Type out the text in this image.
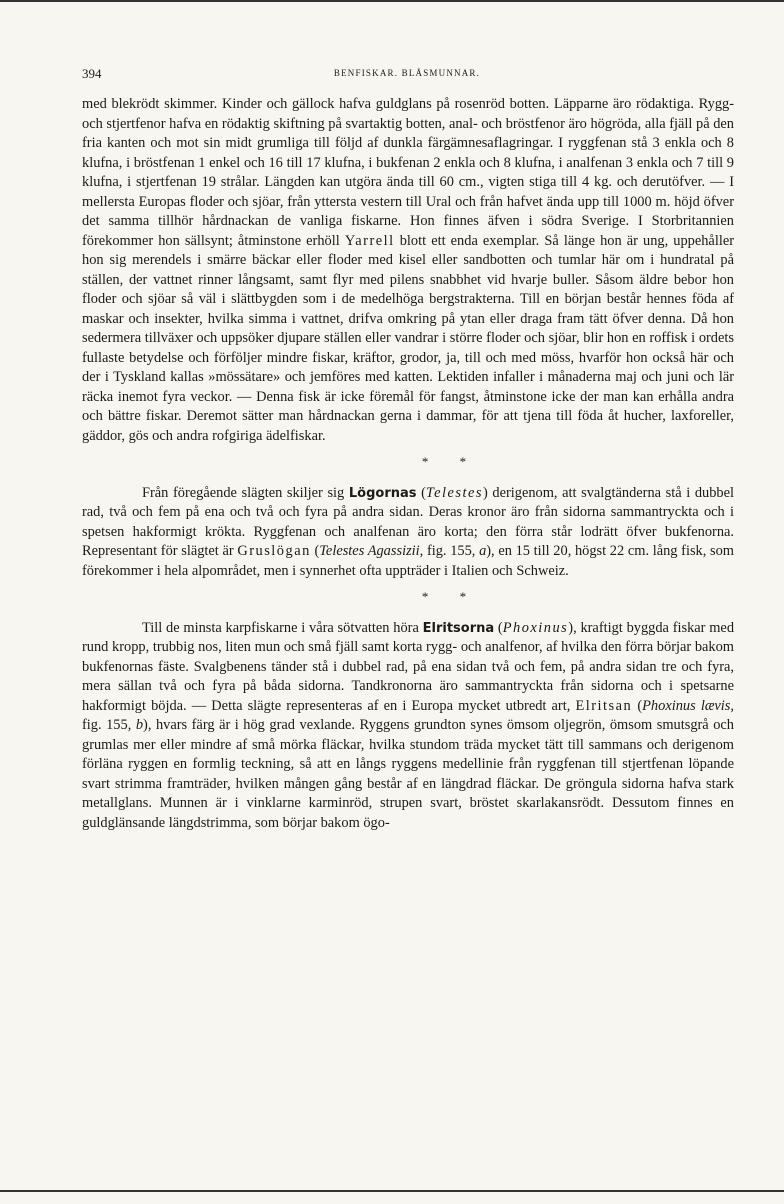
394	BENFISKAR. BLÅSMUNNAR.

med blekrödt skimmer. Kinder och gällock hafva guldglans på rosenröd botten. Läpparne äro rödaktiga. Rygg- och stjertfenor hafva en rödaktig skiftning på svartaktig botten, anal- och bröstfenor äro högröda, alla fjäll på den fria kanten och mot sin midt grumliga till följd af dunkla färgämnesaflagringar. I ryggfenan stå 3 enkla och 8 klufna, i bröstfenan 1 enkel och 16 till 17 klufna, i bukfenan 2 enkla och 8 klufna, i analfenan 3 enkla och 7 till 9 klufna, i stjertfenan 19 strålar. Längden kan utgöra ända till 60 cm., vigten stiga till 4 kg. och derutöfver. — I mellersta Europas floder och sjöar, från yttersta vestern till Ural och från hafvet ända upp till 1000 m. höjd öfver det samma tillhör hårdnackan de vanliga fiskarne. Hon finnes äfven i södra Sverige. I Storbritannien förekommer hon sällsynt; åtminstone erhöll Yarrell blott ett enda exemplar. Så länge hon är ung, uppehåller hon sig merendels i smärre bäckar eller floder med kisel eller sandbotten och tumlar här om i hundratal på ställen, der vattnet rinner långsamt, samt flyr med pilens snabbhet vid hvarje buller. Såsom äldre bebor hon floder och sjöar så väl i slättbygden som i de medelhöga bergstrakterna. Till en början består hennes föda af maskar och insekter, hvilka simma i vattnet, drifva omkring på ytan eller draga fram tätt öfver denna. Då hon sedermera tillväxer och uppsöker djupare ställen eller vandrar i större floder och sjöar, blir hon en roffisk i ordets fullaste betydelse och förföljer mindre fiskar, kräftor, grodor, ja, till och med möss, hvarför hon också här och der i Tyskland kallas »mössätare» och jemföres med katten. Lektiden infaller i månaderna maj och juni och lär räcka inemot fyra veckor. — Denna fisk är icke föremål för fangst, åtminstone icke der man kan erhålla andra och bättre fiskar. Deremot sätter man hårdnackan gerna i dammar, för att tjena till föda åt hucher, laxforeller, gäddor, gös och andra rofgiriga ädelfiskar.

* *

Från föregående slägten skiljer sig Lögornas (Telestes) derigenom, att svalgtänderna stå i dubbel rad, två och fem på ena och två och fyra på andra sidan. Deras kronor äro från sidorna sammantryckta och i spetsen hakformigt krökta. Ryggfenan och analfenan äro korta; den förra står lodrätt öfver bukfenorna. Representant för slägtet är Gruslögan (Telestes Agassizii, fig. 155, a), en 15 till 20, högst 22 cm. lång fisk, som förekommer i hela alpområdet, men i synnerhet ofta uppträder i Italien och Schweiz.

* *

Till de minsta karpfiskarne i våra sötvatten höra Elritsorna (Phoxinus), kraftigt byggda fiskar med rund kropp, trubbig nos, liten mun och små fjäll samt korta rygg- och analfenor, af hvilka den förra börjar bakom bukfenornas fäste. Svalgbenens tänder stå i dubbel rad, på ena sidan två och fem, på andra sidan tre och fyra, mera sällan två och fyra på båda sidorna. Tandkronorna äro sammantryckta från sidorna och i spetsarne hakformigt böjda. — Detta slägte representeras af en i Europa mycket utbredt art, Elritsan (Phoxinus lævis, fig. 155, b), hvars färg är i hög grad vexlande. Ryggens grundton synes ömsom oljegrön, ömsom smutsgrå och grumlas mer eller mindre af små mörka fläckar, hvilka stundom träda mycket tätt till sammans och derigenom förläna ryggen en formlig teckning, så att en långs ryggens medellinie från ryggfenan till stjertfenan löpande svart strimma framträder, hvilken mången gång består af en längdrad fläckar. De gröngula sidorna hafva stark metallglans. Munnen är i vinklarne karminröd, strupen svart, bröstet skarlakansrödt. Dessutom finnes en guldglänsande längdstrimma, som börjar bakom ögo-
